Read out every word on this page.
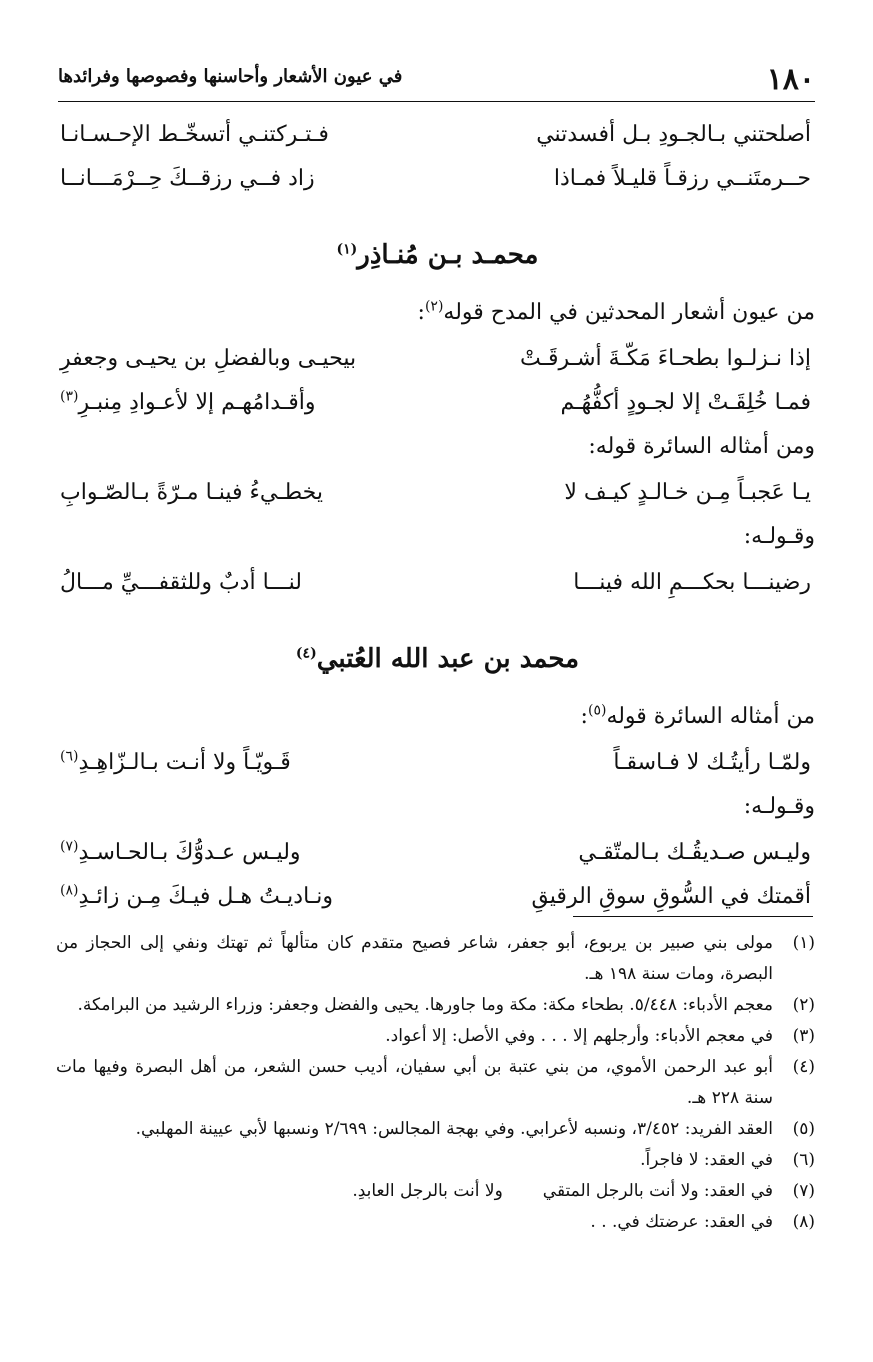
١٨٠
في عيون الأشعار وأحاسنها وفصوصها وفرائدها
أصلحتني بـالجـودِ بـل أفسدتني
فـتـركتنـي أتسخّـط الإحـسـانـا
حــرمتَنــي رزقـاً قليـلاً فمـاذا
زاد فــي رزقــكَ حِــرْمَـــانــا
محمـد بـن مُنـاذِر$^{(١)}$
من عيون أشعار المحدثين في المدح قوله$^{(٢)}$:
إذا نـزلـوا بطحـاءَ مَكّـةَ أشـرقَـتْ
بيحيـى وبالفضلِ بن يحيـى وجعفرِ
فمـا خُلِقَـتْ إلا لجـودٍ أكفُّهُـم
وأقـدامُهـم إلا لأعـوادِ مِنبـرِ$^{(٣)}$
ومن أمثاله السائرة قوله:
يـا عَجبـاً مِـن خـالـدٍ كيـف لا
يخطـيءُ فينـا مـرّةً بـالصّـوابِ
وقـولـه:
رضينـــا بحكـــمِ الله فينـــا
لنـــا أدبٌ وللثقفـــيِّ مـــالُ
محمد بن عبد الله العُتبي$^{(٤)}$
من أمثاله السائرة قوله$^{(٥)}$:
ولمّـا رأيتُـك لا فـاسقـاً
قَـويّـاً ولا أنـت بـالـزّاهِـدِ$^{(٦)}$
وقـولـه:
وليـس صـديقُـك بـالمتّقـي
وليـس عـدوُّكَ بـالحـاسـدِ$^{(٧)}$
أقمتك في السُّوقِ سوقِ الرقيقِ
ونـاديـتُ هـل فيـكَ مِـن زائـدِ$^{(٨)}$
(١)
مولى بني صبير بن يربوع، أبو جعفر، شاعر فصيح متقدم كان متألهاً ثم تهتك ونفي إلى الحجاز من البصرة، ومات سنة ١٩٨ هـ.
(٢)
معجم الأدباء: ٥/٤٤٨. بطحاء مكة: مكة وما جاورها. يحيى والفضل وجعفر: وزراء الرشيد من البرامكة.
(٣)
في معجم الأدباء: وأرجلهم إلا . . . وفي الأصل: إلا أعواد.
(٤)
أبو عبد الرحمن الأموي، من بني عتبة بن أبي سفيان، أديب حسن الشعر، من أهل البصرة وفيها مات سنة ٢٢٨ هـ.
(٥)
العقد الفريد: ٣/٤٥٢، ونسبه لأعرابي. وفي بهجة المجالس: ٢/٦٩٩ ونسبها لأبي عيينة المهلبي.
(٦)
في العقد: لا فاجراً.
(٧)
في العقد: ولا أنت بالرجل المتقيولا أنت بالرجل العابدِ.
(٨)
في العقد: عرضتك في. . .
